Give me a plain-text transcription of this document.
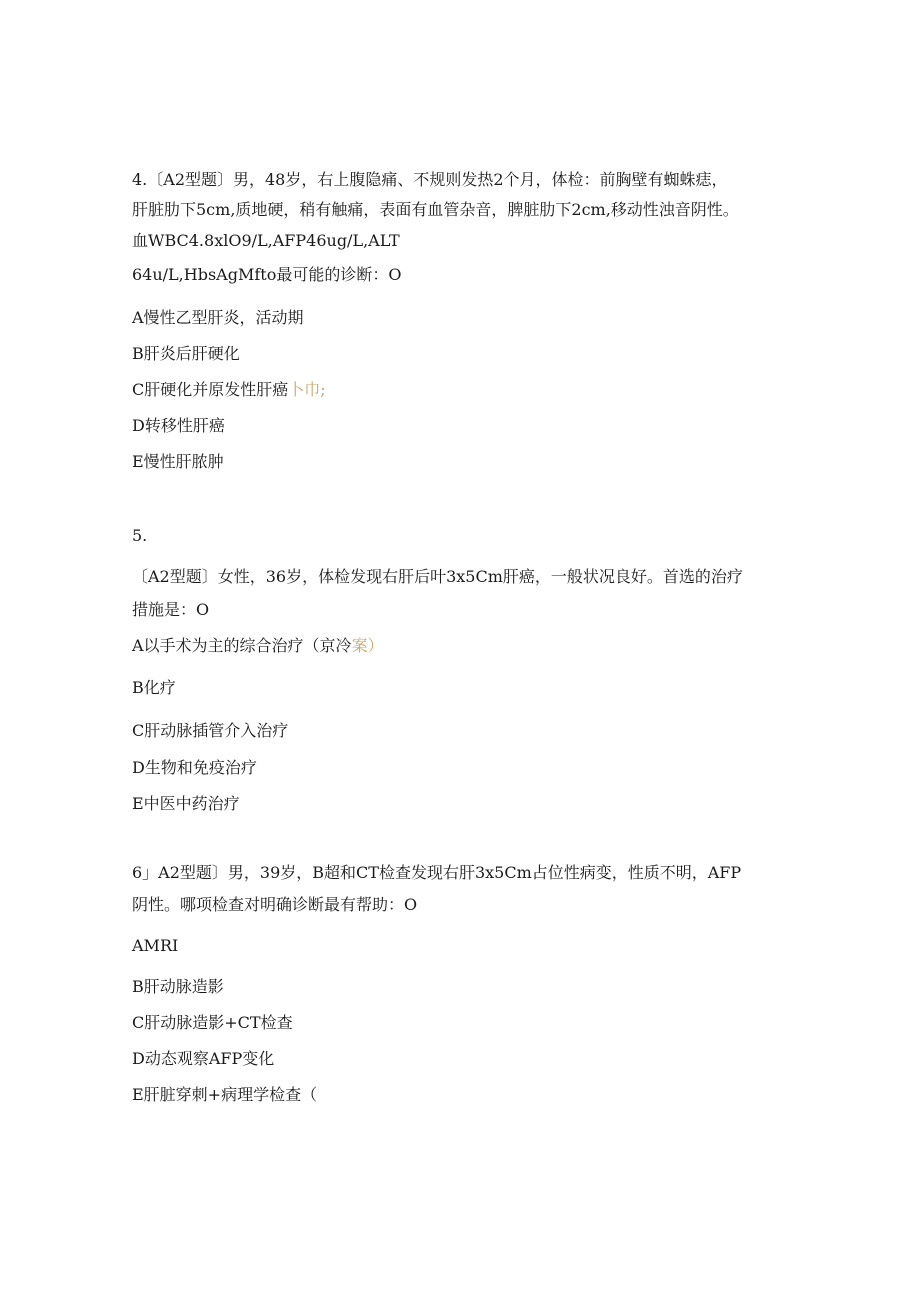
4.〔A2型题〕男，48岁，右上腹隐痛、不规则发热2个月，体检：前胸壁有蜘蛛痣，
肝脏肋下5cm,质地硬，稍有触痛，表面有血管杂音，脾脏肋下2cm,移动性浊音阴性。
血WBC4.8xlO9/L,AFP46ug/L,ALT
64u/L,HbsAgMfto最可能的诊断：O
A慢性乙型肝炎，活动期
B肝炎后肝硬化
C肝硬化并原发性肝癌卜巾;
D转移性肝癌
E慢性肝脓肿
5.
〔A2型题〕女性，36岁，体检发现右肝后叶3x5Cm肝癌，一般状况良好。首选的治疗
措施是：O
A以手术为主的综合治疗（京冷案）
B化疗
C肝动脉插管介入治疗
D生物和免疫治疗
E中医中药治疗
6」A2型题〕男，39岁，B超和CT检查发现右肝3x5Cm占位性病变，性质不明，AFP
阴性。哪项检查对明确诊断最有帮助：O
AMRI
B肝动脉造影
C肝动脉造影+CT检查
D动态观察AFP变化
E肝脏穿刺+病理学检查（
